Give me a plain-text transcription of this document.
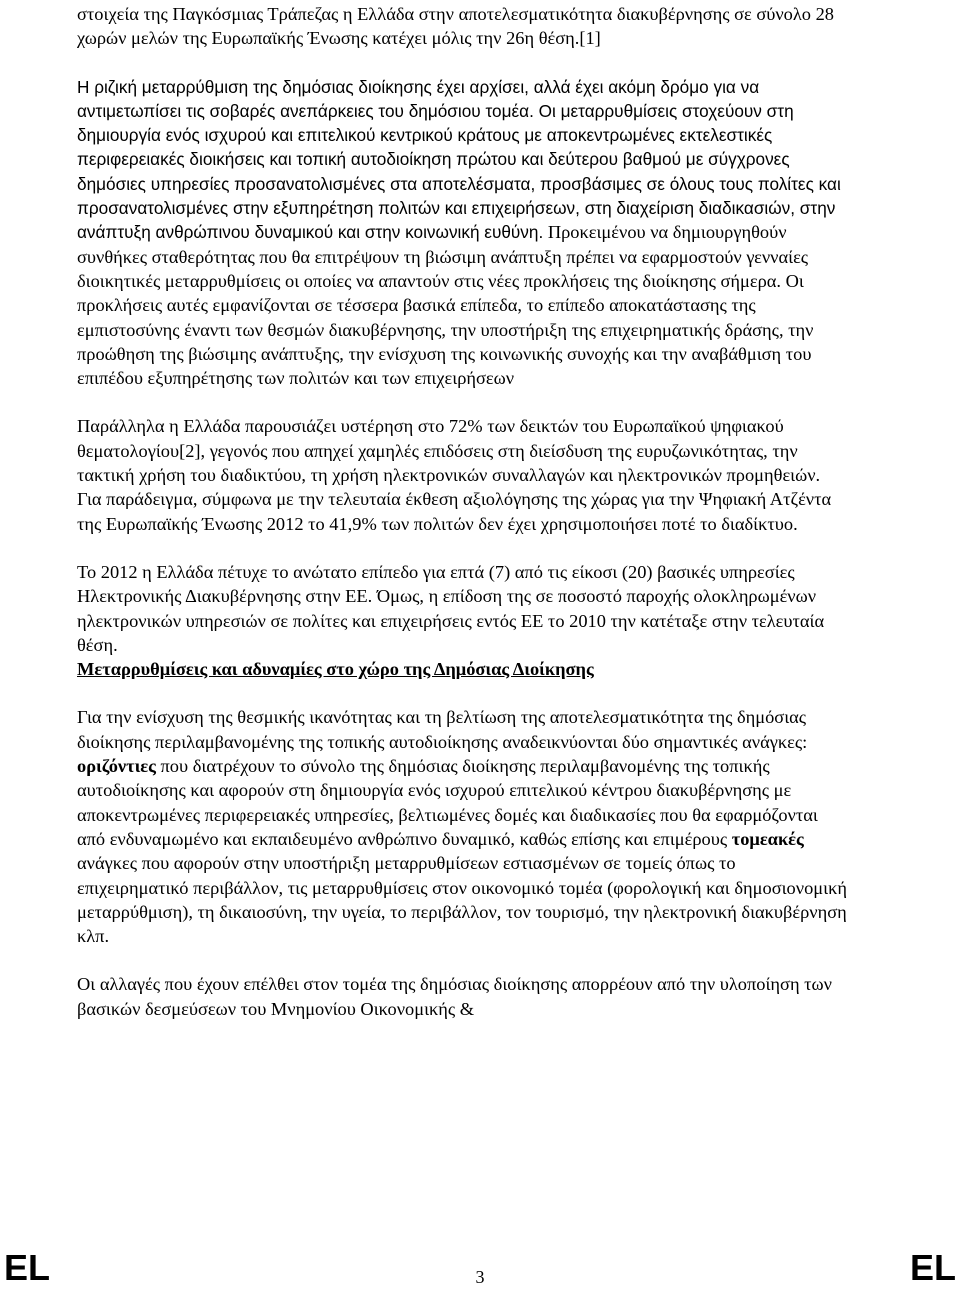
στοιχεία της Παγκόσμιας Τράπεζας η Ελλάδα στην αποτελεσματικότητα διακυβέρνησης σε σύνολο 28 χωρών μελών της Ευρωπαϊκής Ένωσης κατέχει μόλις την 26η θέση.[1]

Η ριζική μεταρρύθμιση της δημόσιας διοίκησης έχει αρχίσει, αλλά έχει ακόμη δρόμο για να αντιμετωπίσει τις σοβαρές ανεπάρκειες του δημόσιου τομέα. Οι μεταρρυθμίσεις στοχεύουν στη δημιουργία ενός ισχυρού και επιτελικού κεντρικού κράτους με αποκεντρωμένες εκτελεστικές περιφερειακές διοικήσεις και τοπική αυτοδιοίκηση πρώτου και δεύτερου βαθμού με σύγχρονες δημόσιες υπηρεσίες προσανατολισμένες στα αποτελέσματα, προσβάσιμες σε όλους τους πολίτες και προσανατολισμένες στην εξυπηρέτηση πολιτών και επιχειρήσεων, στη διαχείριση διαδικασιών, στην ανάπτυξη ανθρώπινου δυναμικού και στην κοινωνική ευθύνη. Προκειμένου να δημιουργηθούν συνθήκες σταθερότητας που θα επιτρέψουν τη βιώσιμη ανάπτυξη πρέπει να εφαρμοστούν γενναίες διοικητικές μεταρρυθμίσεις οι οποίες να απαντούν στις νέες προκλήσεις της διοίκησης σήμερα. Οι προκλήσεις αυτές εμφανίζονται σε τέσσερα βασικά επίπεδα, το επίπεδο αποκατάστασης της εμπιστοσύνης έναντι των θεσμών διακυβέρνησης, την υποστήριξη της επιχειρηματικής δράσης, την προώθηση της βιώσιμης ανάπτυξης, την ενίσχυση της κοινωνικής συνοχής και την αναβάθμιση του επιπέδου εξυπηρέτησης των πολιτών και των επιχειρήσεων

Παράλληλα η Ελλάδα παρουσιάζει υστέρηση στο 72% των δεικτών του Ευρωπαϊκού ψηφιακού θεματολογίου[2], γεγονός που απηχεί χαμηλές επιδόσεις στη διείσδυση της ευρυζωνικότητας, την τακτική χρήση του διαδικτύου, τη χρήση ηλεκτρονικών συναλλαγών και ηλεκτρονικών προμηθειών. Για παράδειγμα, σύμφωνα με την τελευταία έκθεση αξιολόγησης της χώρας για την Ψηφιακή Ατζέντα της Ευρωπαϊκής Ένωσης 2012 το 41,9% των πολιτών δεν έχει χρησιμοποιήσει ποτέ το διαδίκτυο.

Το 2012 η Ελλάδα πέτυχε το ανώτατο επίπεδο για επτά (7) από τις είκοσι (20) βασικές υπηρεσίες Ηλεκτρονικής Διακυβέρνησης στην ΕΕ. Όμως, η επίδοση της σε ποσοστό παροχής ολοκληρωμένων ηλεκτρονικών υπηρεσιών σε πολίτες και επιχειρήσεις εντός ΕΕ το 2010 την κατέταξε στην τελευταία θέση.

Μεταρρυθμίσεις και αδυναμίες στο χώρο της Δημόσιας Διοίκησης

Για την ενίσχυση της θεσμικής ικανότητας και τη βελτίωση της αποτελεσματικότητα της δημόσιας διοίκησης περιλαμβανομένης της τοπικής αυτοδιοίκησης αναδεικνύονται δύο σημαντικές ανάγκες: οριζόντιες που διατρέχουν το σύνολο της δημόσιας διοίκησης περιλαμβανομένης της τοπικής αυτοδιοίκησης και αφορούν στη δημιουργία ενός ισχυρού επιτελικού κέντρου διακυβέρνησης με αποκεντρωμένες περιφερειακές υπηρεσίες, βελτιωμένες δομές και διαδικασίες που θα εφαρμόζονται από ενδυναμωμένο και εκπαιδευμένο ανθρώπινο δυναμικό, καθώς επίσης και επιμέρους τομεακές ανάγκες που αφορούν στην υποστήριξη μεταρρυθμίσεων εστιασμένων σε τομείς όπως το επιχειρηματικό περιβάλλον, τις μεταρρυθμίσεις στον οικονομικό τομέα (φορολογική και δημοσιονομική μεταρρύθμιση), τη δικαιοσύνη, την υγεία, το περιβάλλον, τον τουρισμό, την ηλεκτρονική διακυβέρνηση κλπ.

Οι αλλαγές που έχουν επέλθει στον τομέα της δημόσιας διοίκησης απορρέουν από την υλοποίηση των βασικών δεσμεύσεων του Μνημονίου Οικονομικής &

EL	3	EL
